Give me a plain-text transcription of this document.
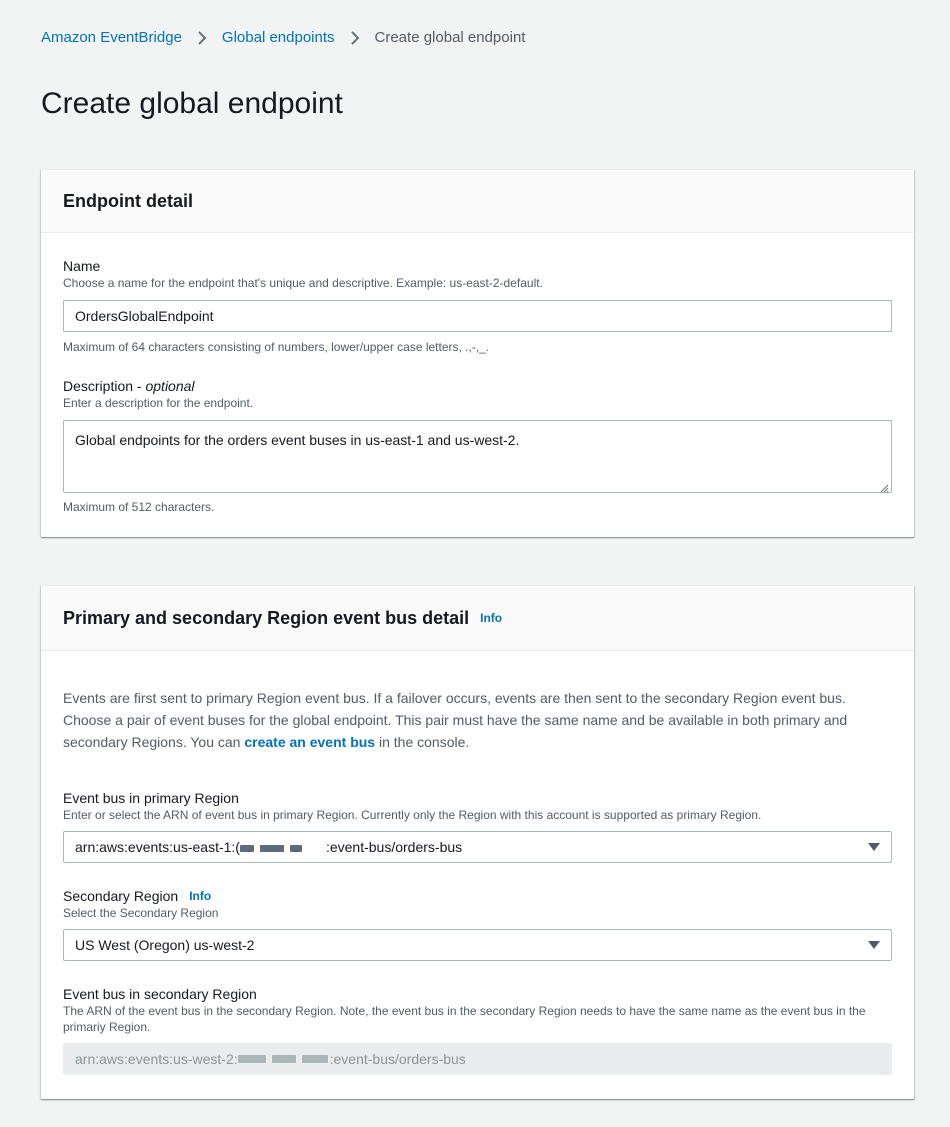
Amazon EventBridge	Global endpoints	Create global endpoint
Create global endpoint
Endpoint detail
Name
Choose a name for the endpoint that's unique and descriptive. Example: us-east-2-default.
OrdersGlobalEndpoint
Maximum of 64 characters consisting of numbers, lower/upper case letters, .,-,_.
Description -
optional
Enter a description for the endpoint.
Global endpoints for the orders event buses in us-east-1 and us-west-2.
Maximum of 512 characters.
Primary and secondary Region event bus detail Info

Events are first sent to primary Region event bus. If a failover occurs, events are then sent to the secondary Region event bus. Choose a pair of event buses for the global endpoint. This pair must have the same name and be available in both primary and secondary Regions. You can create an event bus in the console.

Event bus in primary Region
Enter or select the ARN of event bus in primary Region. Currently only the Region with this account is supported as primary Region.
arn:aws:events:us-east-1:(	:event-bus/orders-bus
Secondary Region Info
Select the Secondary Region
US West (Oregon) us-west-2
Event bus in secondary Region
The ARN of the event bus in the secondary Region. Note, the event bus in the secondary Region needs to have the same name as the event bus in the primariy Region.
arn:aws:events:us-west-2:	:event-bus/orders-bus
